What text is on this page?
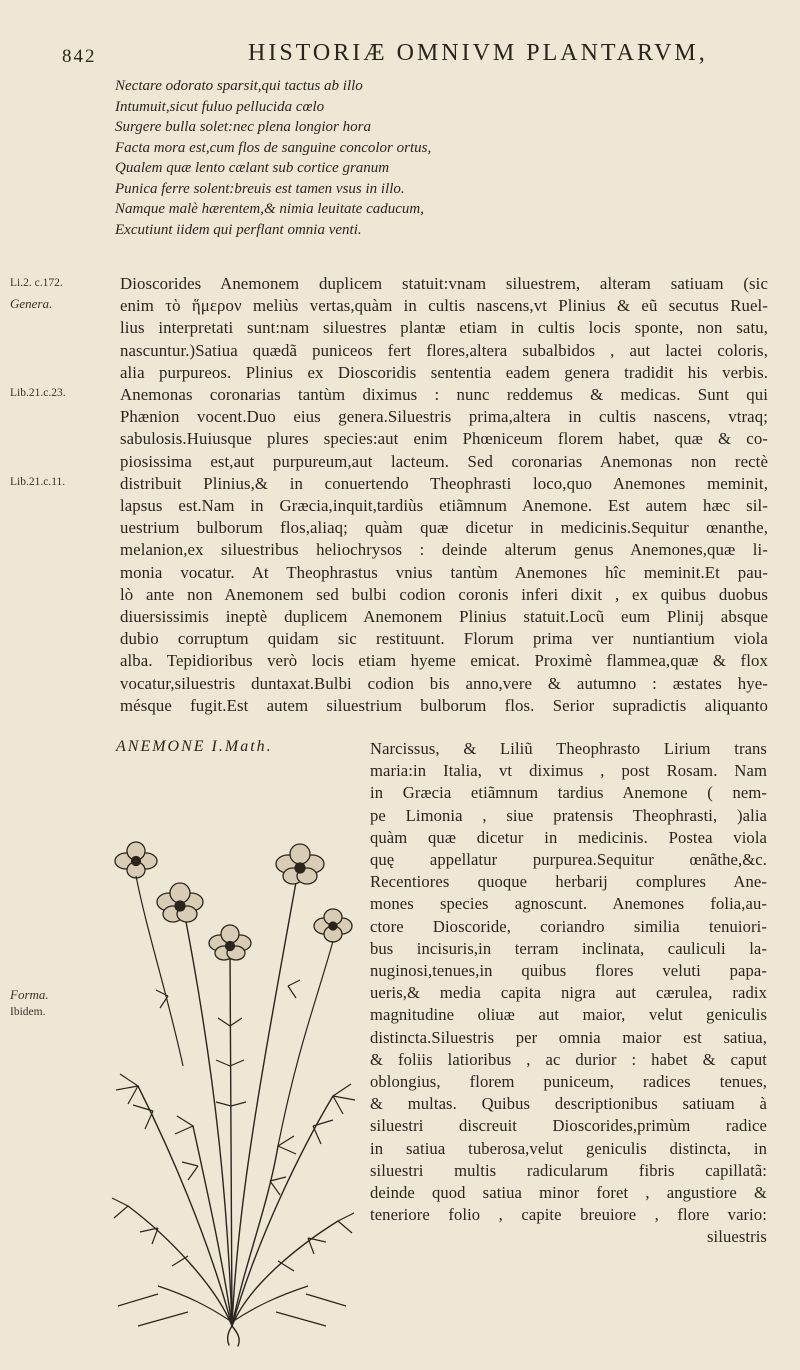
842	HISTORIÆ OMNIVM PLANTARVM,
Nectare odorato sparsit,qui tactus ab illo
Intumuit,sicut fuluo pellucida cœlo
Surgere bulla solet:nec plena longior hora
Facta mora est,cum flos de sanguine concolor ortus,
Qualem quæ lento cælant sub cortice granum
Punica ferre solent:breuis est tamen vsus in illo.
Namque malè hærentem,& nimia leuitate caducum,
Excutiunt iidem qui perflant omnia venti.
Li.2. c.172.
Genera.
Lib.21.c.23.
Lib.21.c.11.
Forma.
Ibidem.
Dioscorides Anemonem duplicem statuit:vnam siluestrem, alteram satiuam (sic
enim τὸ ἥμερον meliùs vertas,quàm in cultis nascens,vt Plinius & eũ secutus Ruel-
lius interpretati sunt:nam siluestres plantæ etiam in cultis locis sponte, non satu,
nascuntur.)Satiua quædã puniceos fert flores,altera subalbidos , aut lactei coloris,
alia purpureos. Plinius ex Dioscoridis sententia eadem genera tradidit his verbis.
Anemonas coronarias tantùm diximus : nunc reddemus & medicas. Sunt qui
Phænion vocent.Duo eius genera.Siluestris prima,altera in cultis nascens, vtraq;
sabulosis.Huiusque plures species:aut enim Phœniceum florem habet, quæ & co-
piosissima est,aut purpureum,aut lacteum. Sed coronarias Anemonas non rectè
distribuit Plinius,& in conuertendo Theophrasti loco,quo Anemones meminit,
lapsus est.Nam in Græcia,inquit,tardiùs etiãmnum Anemone. Est autem hæc sil-
uestrium bulborum flos,aliaq; quàm quæ dicetur in medicinis.Sequitur œnanthe,
melanion,ex siluestribus heliochrysos : deinde alterum genus Anemones,quæ li-
monia vocatur. At Theophrastus vnius tantùm Anemones hîc meminit.Et pau-
lò ante non Anemonem sed bulbi codion coronis inferi dixit , ex quibus duobus
diuersissimis ineptè duplicem Anemonem Plinius statuit.Locũ eum Plinij absque
dubio corruptum quidam sic restituunt. Florum prima ver nuntiantium viola
alba. Tepidioribus verò locis etiam hyeme emicat. Proximè flammea,quæ & flox
vocatur,siluestris duntaxat.Bulbi codion bis anno,vere & autumno : æstates hye-
mésque fugit.Est autem siluestrium bulborum flos. Serior supradictis aliquanto
ANEMONE I.Math.	Narcissus, & Liliũ Theophrasto Lirium trans
maria:in Italia, vt diximus , post Rosam. Nam
in Græcia etiãmnum tardius Anemone ( nem-
pe Limonia , siue pratensis Theophrasti, )alia
quàm quæ dicetur in medicinis. Postea viola
quę appellatur purpurea.Sequitur œnãthe,&c.
Recentiores quoque herbarij complures Ane-
mones species agnoscunt. Anemones folia,au-
ctore Dioscoride, coriandro similia tenuiori-
bus incisuris,in terram inclinata, cauliculi la-
nuginosi,tenues,in quibus flores veluti papa-
ueris,& media capita nigra aut cærulea, radix
magnitudine oliuæ aut maior, velut geniculis
distincta.Siluestris per omnia maior est satiua,
& foliis latioribus , ac durior : habet & caput
oblongius, florem puniceum, radices tenues,
& multas. Quibus descriptionibus satiuam à
siluestri discreuit Dioscorides,primùm radice
in satiua tuberosa,velut geniculis distincta, in
siluestri multis radicularum fibris capillatã:
deinde quod satiua minor foret , angustiore &
teneriore folio , capite breuiore , flore vario:
siluestris
